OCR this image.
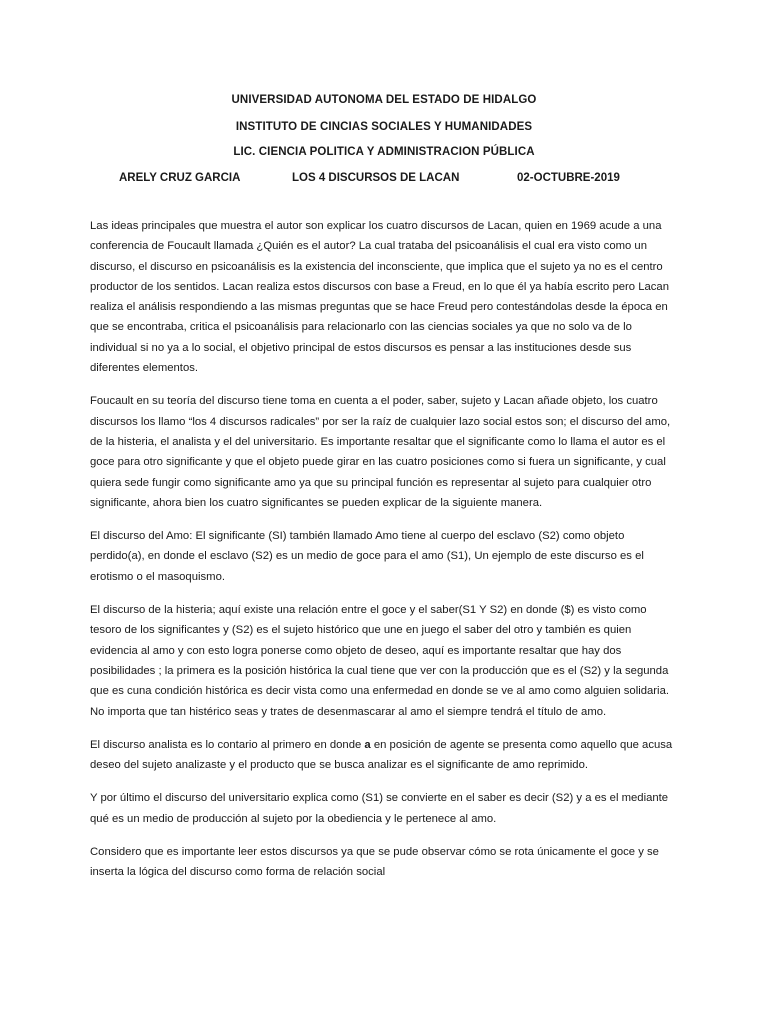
UNIVERSIDAD AUTONOMA DEL ESTADO DE HIDALGO
INSTITUTO DE CINCIAS SOCIALES Y HUMANIDADES
LIC. CIENCIA POLITICA Y ADMINISTRACION PÚBLICA
ARELY CRUZ GARCIA	LOS 4 DISCURSOS DE LACAN	02-OCTUBRE-2019

Las ideas principales que muestra el autor son explicar los cuatro discursos de Lacan, quien en 1969 acude a una conferencia de Foucault llamada ¿Quién es el autor? La cual trataba del psicoanálisis el cual era visto como un discurso, el discurso en psicoanálisis es la existencia del inconsciente, que implica que el sujeto ya no es el centro productor de los sentidos. Lacan realiza estos discursos con base a Freud, en lo que él ya había escrito pero Lacan realiza el análisis respondiendo a las mismas preguntas que se hace Freud pero contestándolas desde la época en que se encontraba, critica el psicoanálisis para relacionarlo con las ciencias sociales ya que no solo va de lo individual si no ya a lo social, el objetivo principal de estos discursos es pensar a las instituciones desde sus diferentes elementos.

Foucault en su teoría del discurso tiene toma en cuenta a el poder, saber, sujeto y Lacan añade objeto, los cuatro discursos los llamo “los 4 discursos radicales” por ser la raíz de cualquier lazo social estos son; el discurso del amo, de la histeria, el analista y el del universitario. Es importante resaltar que el significante como lo llama el autor es el goce para otro significante y que el objeto puede girar en las cuatro posiciones como si fuera un significante, y cual quiera sede fungir como significante amo ya que su principal función es representar al sujeto para cualquier otro significante, ahora bien los cuatro significantes se pueden explicar de la siguiente manera.

El discurso del Amo: El significante (SI) también llamado Amo tiene al cuerpo del esclavo (S2) como objeto perdido(a), en donde el esclavo (S2) es un medio de goce para el amo (S1), Un ejemplo de este discurso es el erotismo o el masoquismo.

El discurso de la histeria; aquí existe una relación entre el goce y el saber(S1 Y S2) en donde ($) es visto como tesoro de los significantes y (S2) es el sujeto histórico que une en juego el saber del otro y también es quien evidencia al amo y con esto logra ponerse como objeto de deseo, aquí es importante resaltar que hay dos posibilidades ; la primera es la posición histórica la cual tiene que ver con la producción que es el (S2) y la segunda que es cuna condición histórica es decir vista como una enfermedad en donde se ve al amo como alguien solidaria. No importa que tan histérico seas y trates de desenmascarar al amo el siempre tendrá el título de amo.

El discurso analista es lo contario al primero en donde a en posición de agente se presenta como aquello que acusa deseo del sujeto analizaste y el producto que se busca analizar es el significante de amo reprimido.

Y por último el discurso del universitario explica como (S1) se convierte en el saber es decir (S2) y a es el mediante qué es un medio de producción al sujeto por la obediencia y le pertenece al amo.

Considero que es importante leer estos discursos ya que se pude observar cómo se rota únicamente el goce y se inserta la lógica del discurso como forma de relación social
